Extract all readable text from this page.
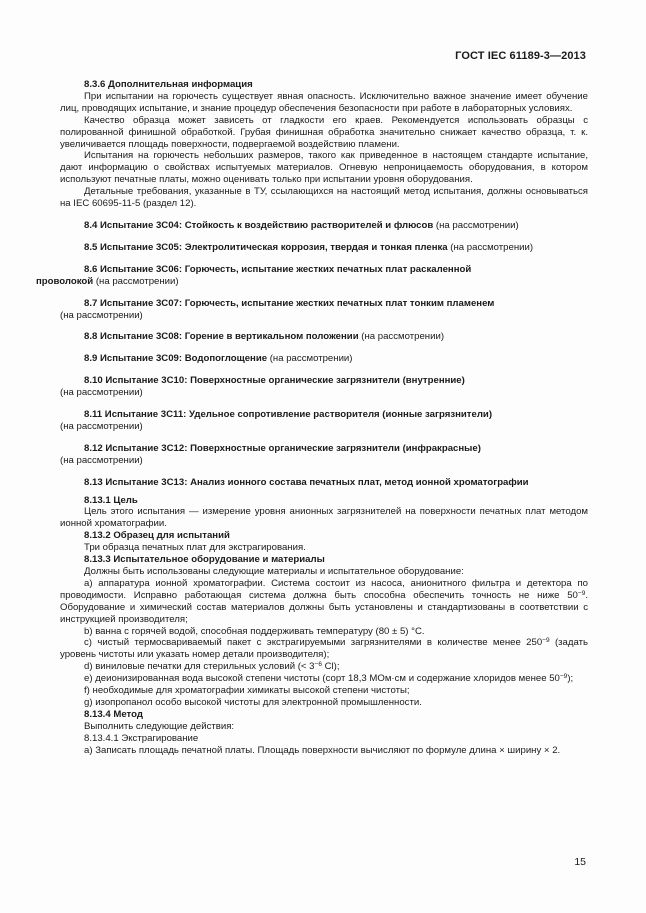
ГОСТ IEC 61189-3—2013

8.3.6 Дополнительная информация

При испытании на горючесть существует явная опасность. Исключительно важное значение имеет обучение лиц, проводящих испытание, и знание процедур обеспечения безопасности при работе в лабораторных условиях.

Качество образца может зависеть от гладкости его краев. Рекомендуется использовать образцы с полированной финишной обработкой. Грубая финишная обработка значительно снижает качество образца, т. к. увеличивается площадь поверхности, подвергаемой воздействию пламени.

Испытания на горючесть небольших размеров, такого как приведенное в настоящем стандарте испытание, дают информацию о свойствах испытуемых материалов. Огневую непроницаемость оборудования, в котором используют печатные платы, можно оценивать только при испытании уровня оборудования.

Детальные требования, указанные в ТУ, ссылающихся на настоящий метод испытания, должны основываться на IEC 60695-11-5 (раздел 12).

8.4 Испытание 3C04: Стойкость к воздействию растворителей и флюсов (на рассмотрении)

8.5 Испытание 3C05: Электролитическая коррозия, твердая и тонкая пленка (на рассмотрении)

8.6 Испытание 3C06: Горючесть, испытание жестких печатных плат раскаленной
проволокой (на рассмотрении)

8.7 Испытание 3C07: Горючесть, испытание жестких печатных плат тонким пламенем
(на рассмотрении)

8.8 Испытание 3C08: Горение в вертикальном положении (на рассмотрении)

8.9 Испытание 3C09: Водопоглощение (на рассмотрении)

8.10 Испытание 3C10: Поверхностные органические загрязнители (внутренние)
(на рассмотрении)

8.11 Испытание 3C11: Удельное сопротивление растворителя (ионные загрязнители)
(на рассмотрении)

8.12 Испытание 3C12: Поверхностные органические загрязнители (инфракрасные)
(на рассмотрении)

8.13 Испытание 3C13: Анализ ионного состава печатных плат, метод ионной хроматографии

8.13.1 Цель

Цель этого испытания — измерение уровня анионных загрязнителей на поверхности печатных плат методом ионной хроматографии.

8.13.2 Образец для испытаний

Три образца печатных плат для экстрагирования.

8.13.3 Испытательное оборудование и материалы

Должны быть использованы следующие материалы и испытательное оборудование:

а) аппаратура ионной хроматографии. Система состоит из насоса, анионитного фильтра и детектора по проводимости. Исправно работающая система должна быть способна обеспечить точность не ниже $50^{-9}$. Оборудование и химический состав материалов должны быть установлены и стандартизованы в соответствии с инструкцией производителя;

b) ванна с горячей водой, способная поддерживать температуру (80 ± 5) °С.

с) чистый термосвариваемый пакет с экстрагируемыми загрязнителями в количестве менее $250^{-9}$ (задать уровень чистоты или указать номер детали производителя);

d) виниловые печатки для стерильных условий (< $3^{-6}$ Cl);

е) деионизированная вода высокой степени чистоты (сорт 18,3 МОм·см и содержание хлоридов менее $50^{-9}$);

f) необходимые для хроматографии химикаты высокой степени чистоты;

g) изопропанол особо высокой чистоты для электронной промышленности.

8.13.4 Метод

Выполнить следующие действия:

8.13.4.1 Экстрагирование

а) Записать площадь печатной платы. Площадь поверхности вычисляют по формуле длина × ширину × 2.

15
